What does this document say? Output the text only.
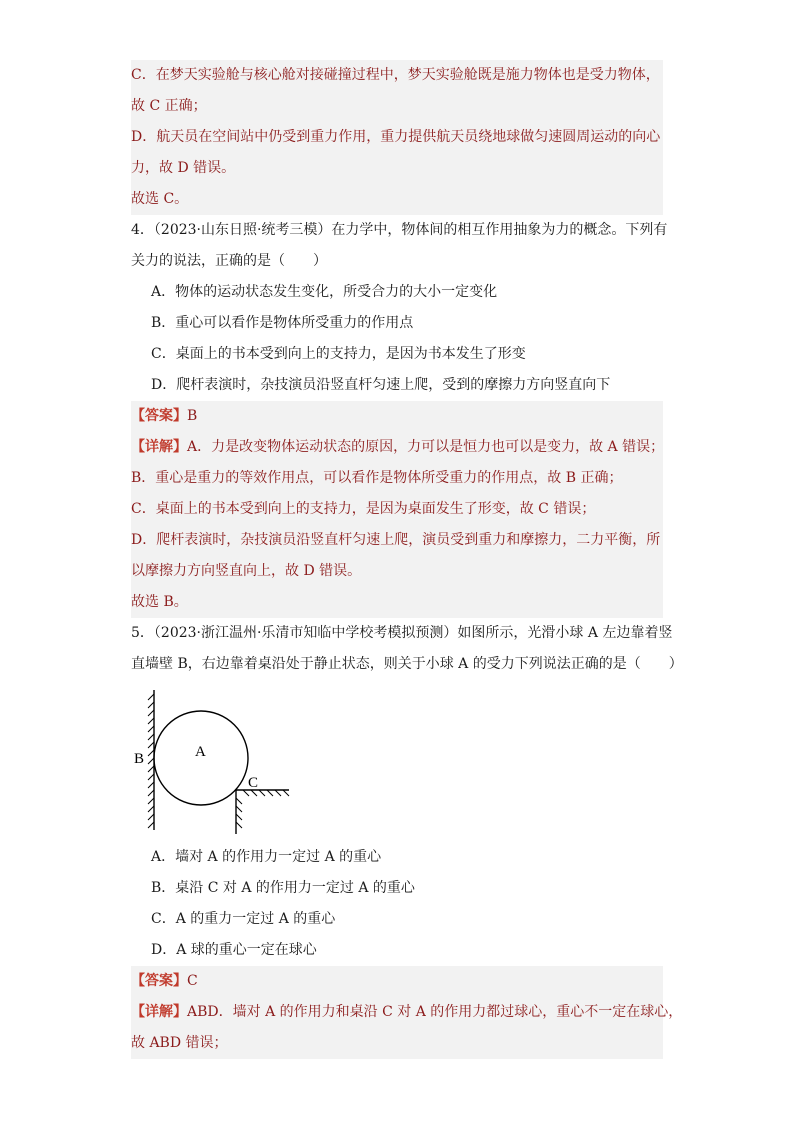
C．在梦天实验舱与核心舱对接碰撞过程中，梦天实验舱既是施力物体也是受力物体，
故 C 正确；
D．航天员在空间站中仍受到重力作用，重力提供航天员绕地球做匀速圆周运动的向心
力，故 D 错误。
故选 C。
4．（2023·山东日照·统考三模）在力学中，物体间的相互作用抽象为力的概念。下列有
关力的说法，正确的是（　　）
A．物体的运动状态发生变化，所受合力的大小一定变化
B．重心可以看作是物体所受重力的作用点
C．桌面上的书本受到向上的支持力，是因为书本发生了形变
D．爬杆表演时，杂技演员沿竖直杆匀速上爬，受到的摩擦力方向竖直向下
【答案】B
【详解】A．力是改变物体运动状态的原因，力可以是恒力也可以是变力，故 A 错误；
B．重心是重力的等效作用点，可以看作是物体所受重力的作用点，故 B 正确；
C．桌面上的书本受到向上的支持力，是因为桌面发生了形变，故 C 错误；
D．爬杆表演时，杂技演员沿竖直杆匀速上爬，演员受到重力和摩擦力，二力平衡，所
以摩擦力方向竖直向上，故 D 错误。
故选 B。
5．（2023·浙江温州·乐清市知临中学校考模拟预测）如图所示，光滑小球 A 左边靠着竖
直墙壁 B，右边靠着桌沿处于静止状态，则关于小球 A 的受力下列说法正确的是（　　）
A
B
C
A．墙对 A 的作用力一定过 A 的重心
B．桌沿 C 对 A 的作用力一定过 A 的重心
C．A 的重力一定过 A 的重心
D．A 球的重心一定在球心
【答案】C
【详解】ABD．墙对 A 的作用力和桌沿 C 对 A 的作用力都过球心，重心不一定在球心，
故 ABD 错误；
